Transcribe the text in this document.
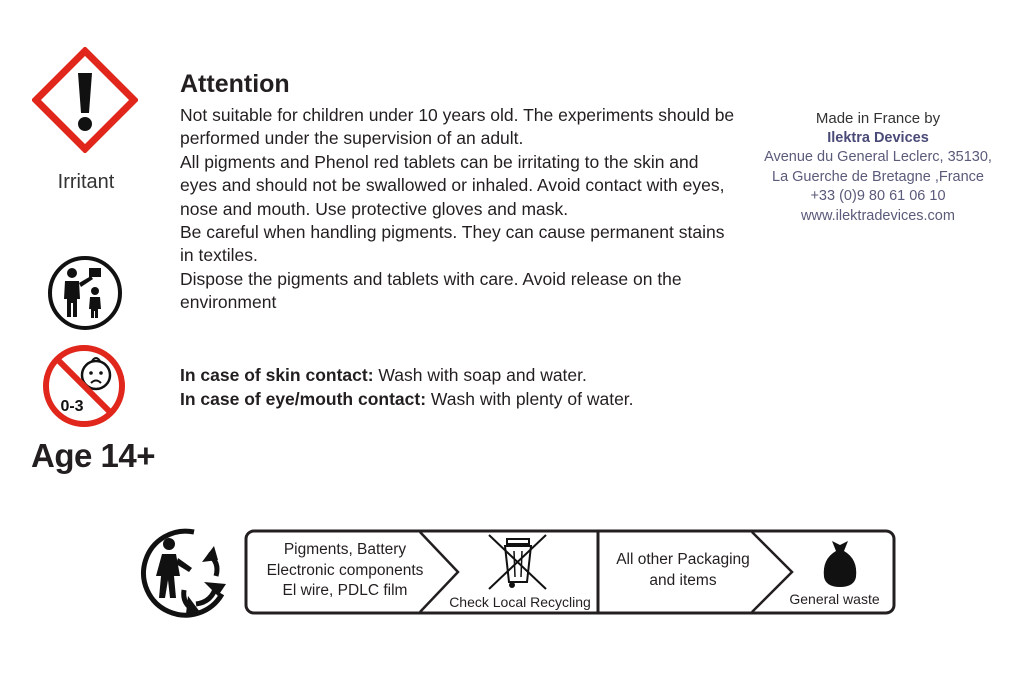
Irritant
0-3
Age 14+
Attention

Not suitable for children under 10 years old. The experiments should be performed under the supervision of an adult.

All pigments and Phenol red tablets can be irritating to the skin and eyes and should not be swallowed or inhaled. Avoid contact with eyes, nose and mouth. Use protective gloves and mask.

Be careful when handling pigments. They can cause permanent stains in textiles.

Dispose the pigments and tablets with care. Avoid release on the environment

In case of skin contact: Wash with soap and water.

In case of eye/mouth contact: Wash with plenty of water.

Made in France by
Ilektra Devices
Avenue du General Leclerc, 35130,
La Guerche de Bretagne ,France
+33 (0)9 80 61 06 10
www.ilektradevices.com
Pigments, Battery
Electronic components
El wire, PDLC film
Check Local Recycling
All other Packaging
and items
General waste
